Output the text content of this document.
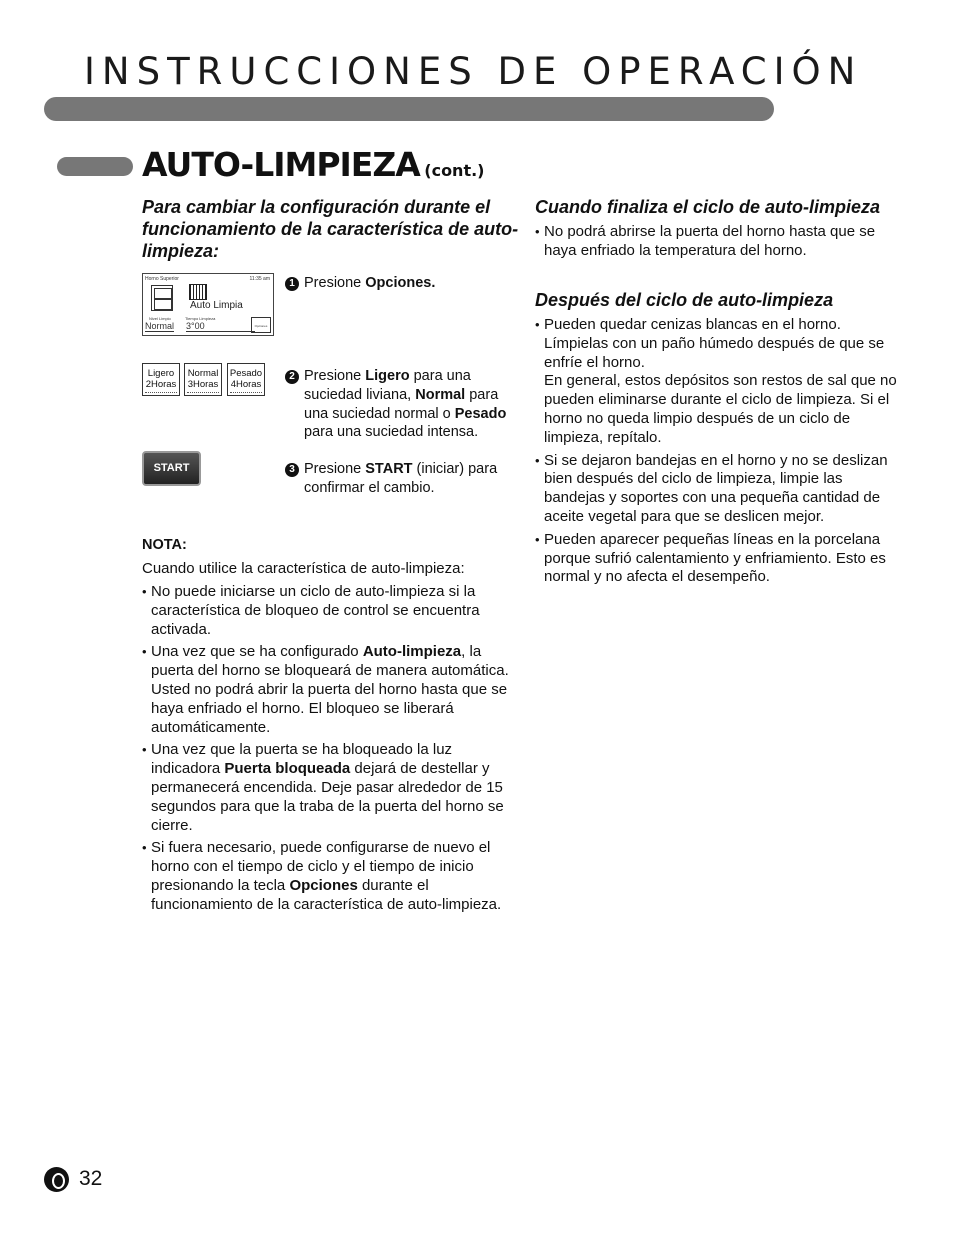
INSTRUCCIONES DE OPERACIÓN
AUTO-LIMPIEZA (cont.)
Para cambiar la configuración durante el funcionamiento de la característica de auto-limpieza:
Horno Superior	11:35 am
Auto Limpia
Nivel Limpio	Tiempo Limpieza
Normal 3°00	Opciones
Ligero
2Horas
Normal
3Horas
Pesado
4Horas
START
1 Presione Opciones.
2 Presione Ligero para una suciedad liviana, Normal para una suciedad normal o Pesado para una suciedad intensa.
3 Presione START (iniciar) para confirmar el cambio.
NOTA:
Cuando utilice la característica de auto-limpieza:
• No puede iniciarse un ciclo de auto-limpieza si la característica de bloqueo de control se encuentra activada.
• Una vez que se ha configurado Auto-limpieza, la puerta del horno se bloqueará de manera automática. Usted no podrá abrir la puerta del horno hasta que se haya enfriado el horno. El bloqueo se liberará automáticamente.
• Una vez que la puerta se ha bloqueado la luz indicadora Puerta bloqueada dejará de destellar y permanecerá encendida. Deje pasar alrededor de 15 segundos para que la traba de la puerta del horno se cierre.
• Si fuera necesario, puede configurarse de nuevo el horno con el tiempo de ciclo y el tiempo de inicio presionando la tecla Opciones durante el funcionamiento de la característica de auto-limpieza.
Cuando finaliza el ciclo de auto-limpieza
• No podrá abrirse la puerta del horno hasta que se haya enfriado la temperatura del horno.
Después del ciclo de auto-limpieza
• Pueden quedar cenizas blancas en el horno. Límpielas con un paño húmedo después de que se enfríe el horno.
En general, estos depósitos son restos de sal que no pueden eliminarse durante el ciclo de limpieza. Si el horno no queda limpio después de un ciclo de limpieza, repítalo.
• Si se dejaron bandejas en el horno y no se deslizan bien después del ciclo de limpieza, limpie las bandejas y soportes con una pequeña cantidad de aceite vegetal para que se deslicen mejor.
• Pueden aparecer pequeñas líneas en la porcelana porque sufrió calentamiento y enfriamiento. Esto es normal y no afecta el desempeño.
32
